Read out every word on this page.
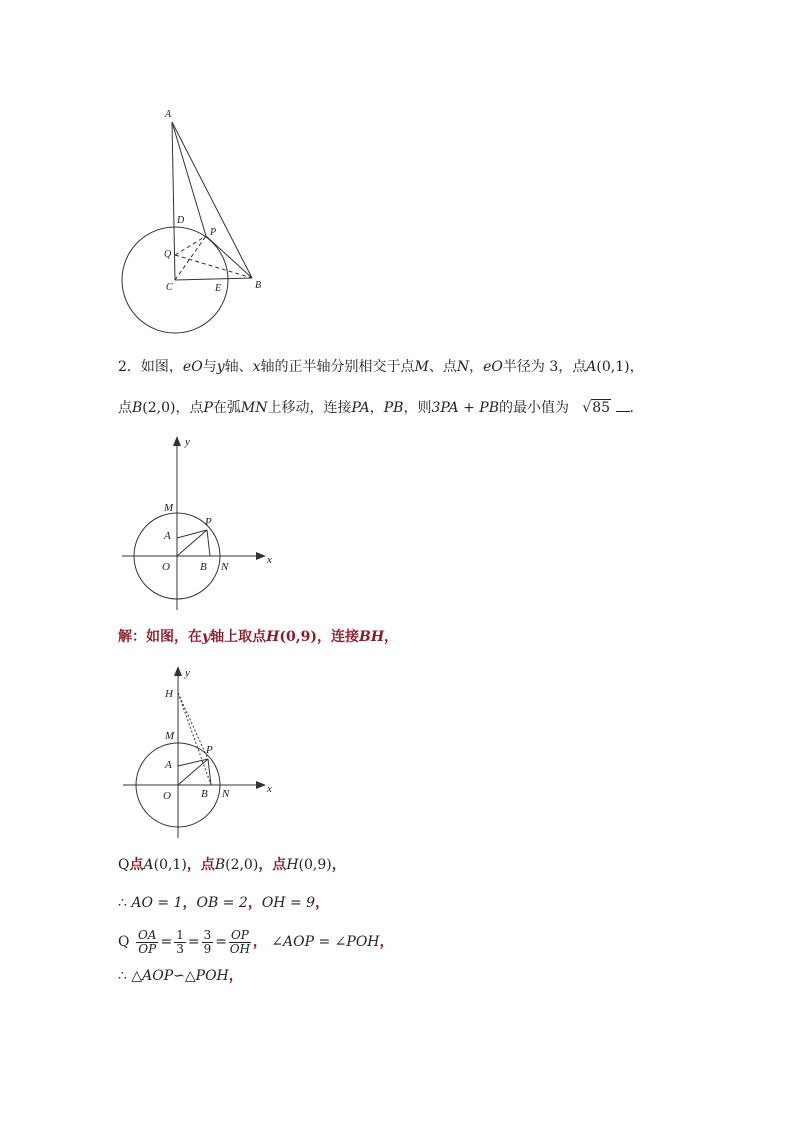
A
D
P
Q
C	E	B
2．如图，eO与y轴、x轴的正半轴分别相交于点M、点N，eO半径为 3，点A(0,1)，
点B(2,0)，点P在弧MN上移动，连接PA，PB，则3PA + PB的最小值为 √85 ．
y
x
M
A
P
O	B N
解：如图，在y轴上取点H(0,9)，连接BH，
H
y
x
M
A
P
O	B N
Q点A(0,1)，点B(2,0)，点H(0,9)，
∴ AO = 1，OB = 2，OH = 9，
Q $\frac{OA}{OP} = \frac{1}{3} = \frac{3}{9} = \frac{OP}{OH}$ ， ∠AOP = ∠POH，
∴ △AOP∽△POH，
